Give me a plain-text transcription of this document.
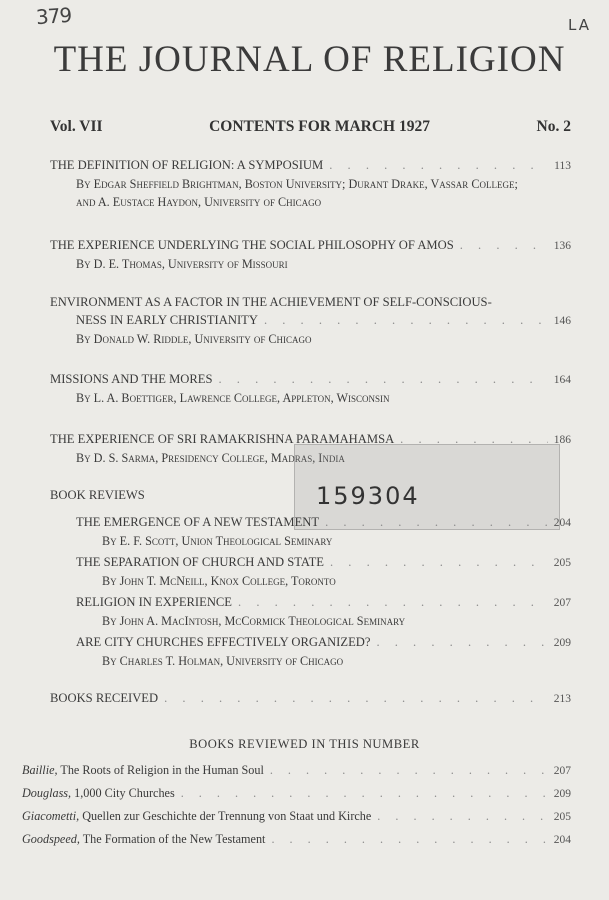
379	LA
THE JOURNAL OF RELIGION
Vol. VII	CONTENTS FOR MARCH 1927	No. 2
THE DEFINITION OF RELIGION: A SYMPOSIUM . . .	113
By Edgar Sheffield Brightman, Boston University; Durant Drake, Vassar College;
and A. Eustace Haydon, University of Chicago
THE EXPERIENCE UNDERLYING THE SOCIAL PHILOSOPHY OF AMOS . . .	136
By D. E. Thomas, University of Missouri
ENVIRONMENT AS A FACTOR IN THE ACHIEVEMENT OF SELF-CONSCIOUS-
NESS IN EARLY CHRISTIANITY . . .	146
By Donald W. Riddle, University of Chicago
MISSIONS AND THE MORES . . .	164
By L. A. Boettiger, Lawrence College, Appleton, Wisconsin
THE EXPERIENCE OF SRI RAMAKRISHNA PARAMAHAMSA . . .	186
By D. S. Sarma, Presidency College, Madras, India
159304
BOOK REVIEWS
THE EMERGENCE OF A NEW TESTAMENT . . .	204
By E. F. Scott, Union Theological Seminary
THE SEPARATION OF CHURCH AND STATE . . .	205
By John T. McNeill, Knox College, Toronto
RELIGION IN EXPERIENCE . . .	207
By John A. MacIntosh, McCormick Theological Seminary
ARE CITY CHURCHES EFFECTIVELY ORGANIZED? . . .	209
By Charles T. Holman, University of Chicago
BOOKS RECEIVED . . .	213
BOOKS REVIEWED IN THIS NUMBER
Baillie, The Roots of Religion in the Human Soul . . .	207
Douglass, 1,000 City Churches . . .	209
Giacometti, Quellen zur Geschichte der Trennung von Staat und Kirche . . .	205
Goodspeed, The Formation of the New Testament . . .	204
